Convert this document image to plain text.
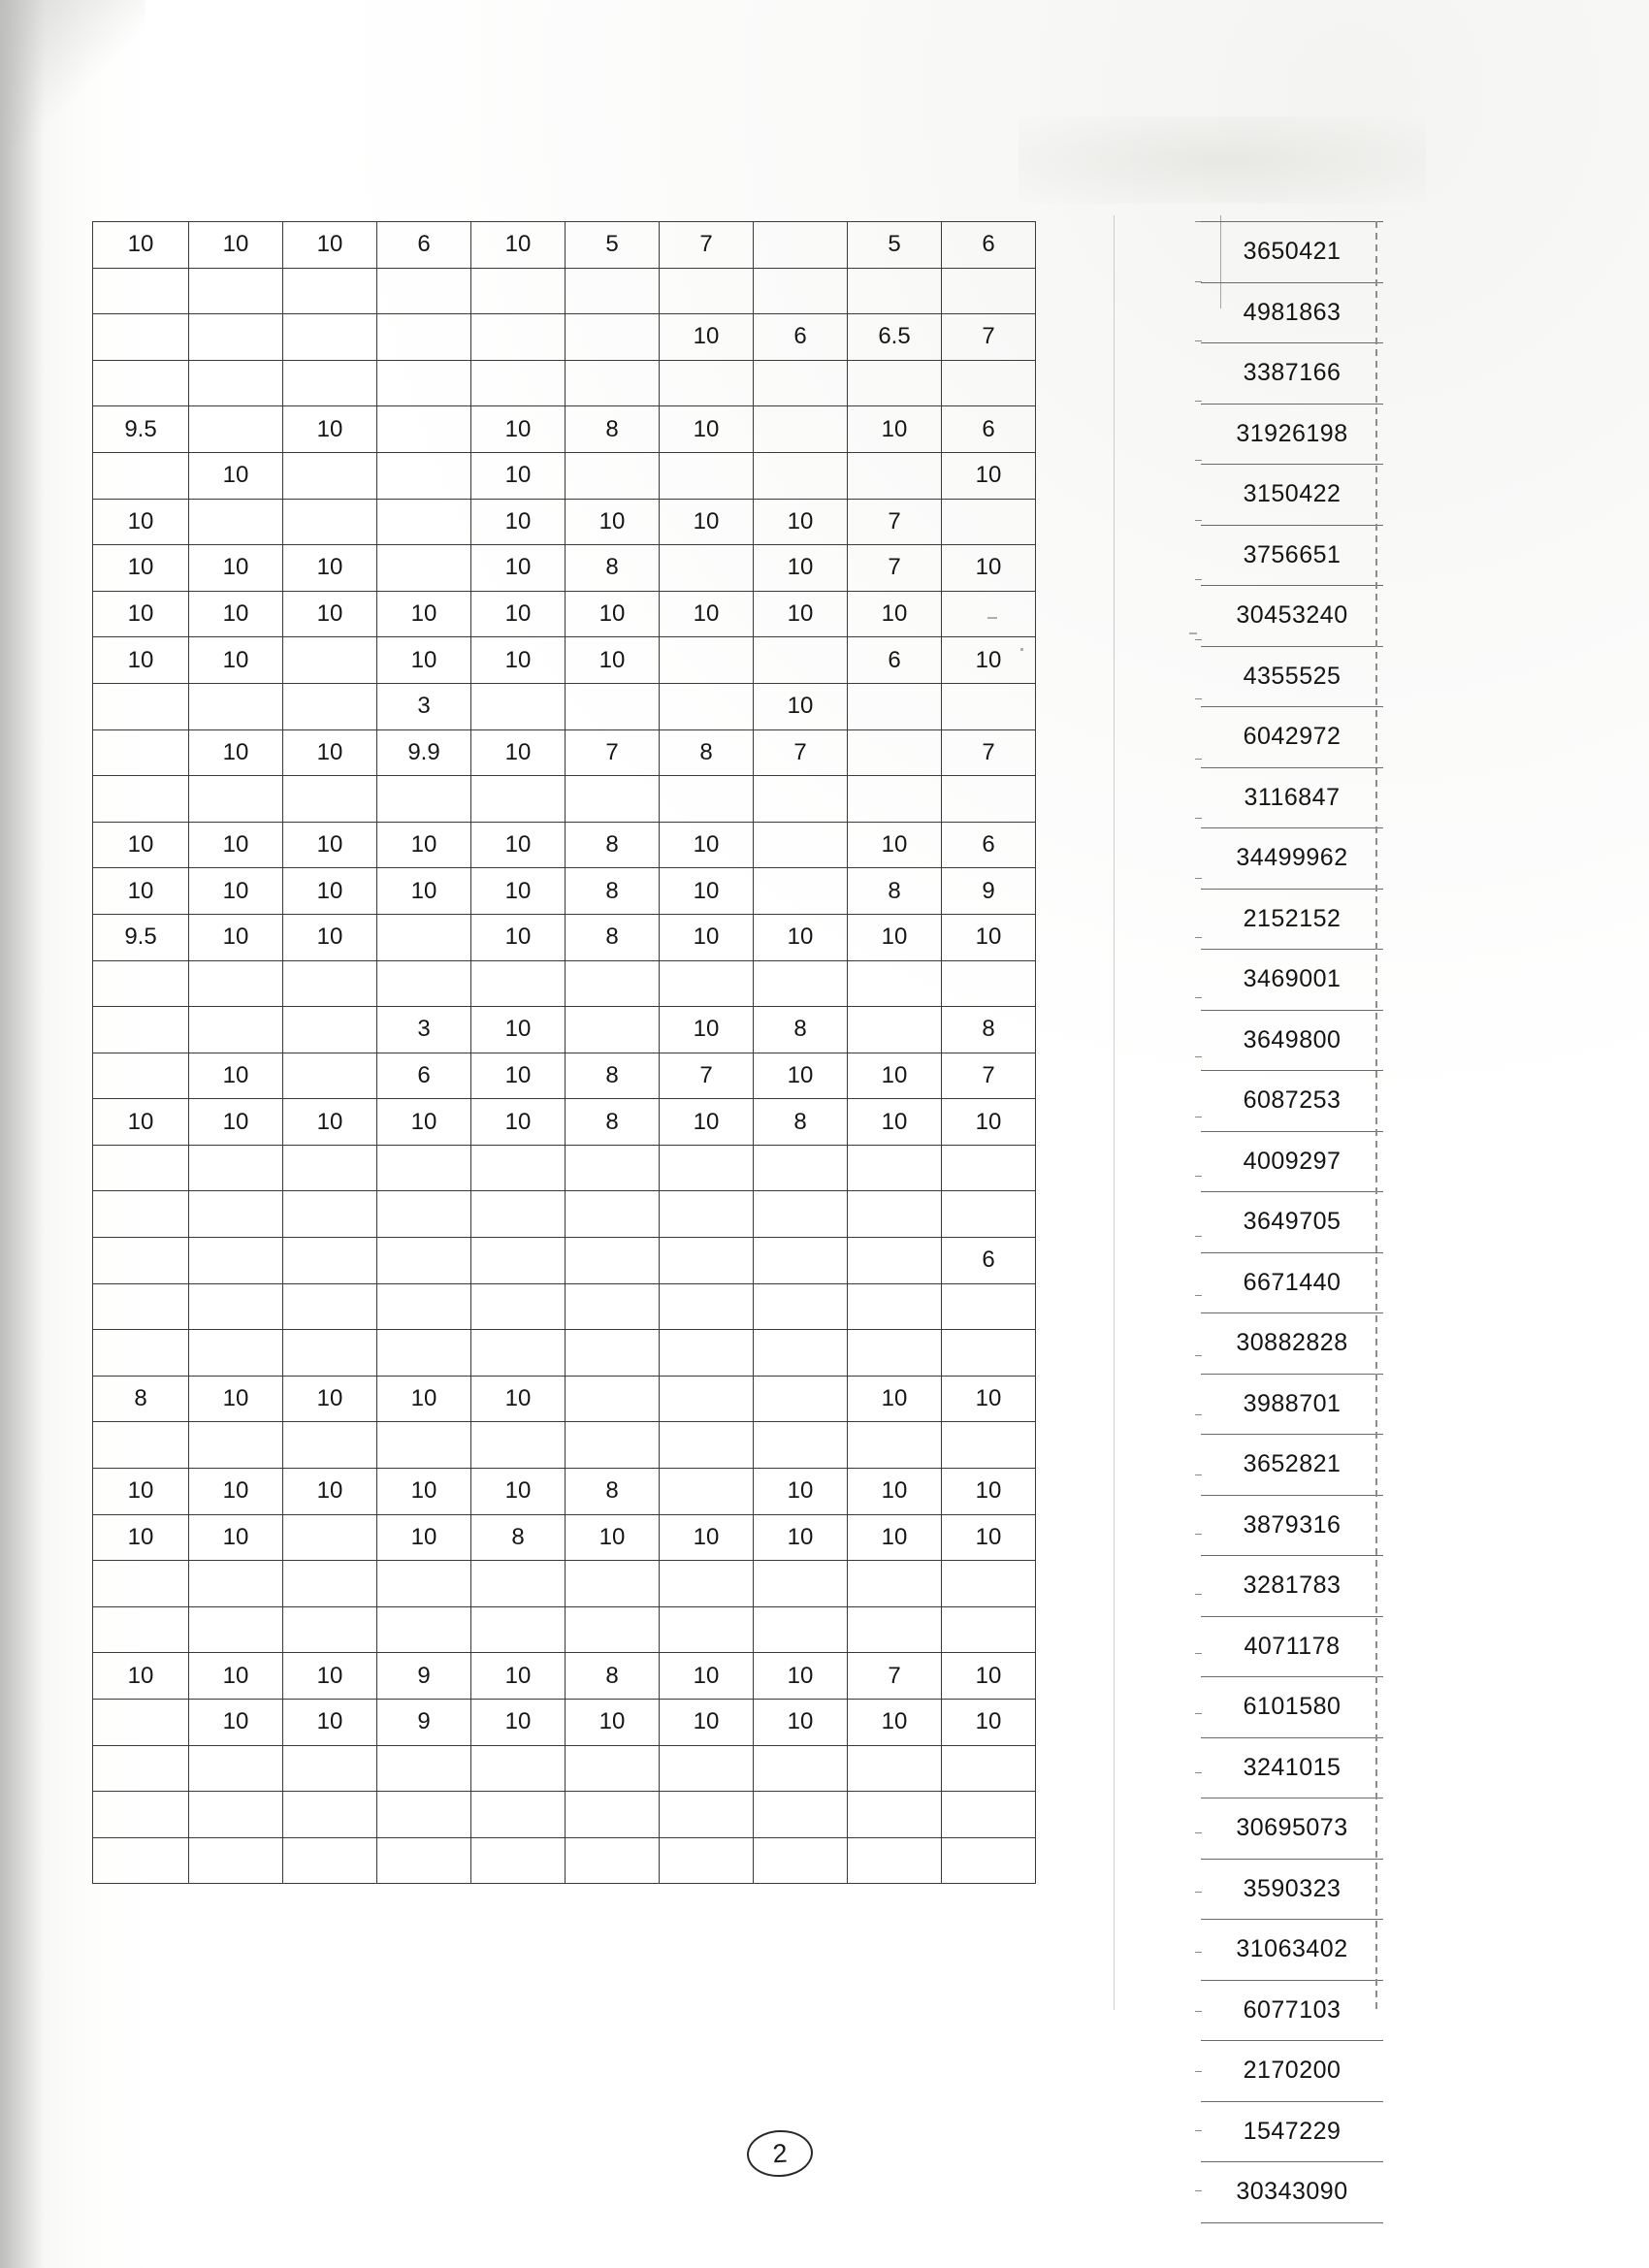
10	10	10	6	10	5	7		5	6

						10	6	6.5	7

9.5		10		10	8	10		10	6
	10			10					10
10				10	10	10	10	7	
10	10	10		10	8		10	7	10
10	10	10	10	10	10	10	10	10	
10	10		10	10	10			6	10
			3				10		
	10	10	9.9	10	7	8	7		7

10	10	10	10	10	8	10		10	6
10	10	10	10	10	8	10		8	9
9.5	10	10		10	8	10	10	10	10

			3	10		10	8		8
	10		6	10	8	7	10	10	7
10	10	10	10	10	8	10	8	10	10

									6

8	10	10	10	10				10	10

10	10	10	10	10	8		10	10	10
10	10		10	8	10	10	10	10	10

10	10	10	9	10	8	10	10	7	10
	10	10	9	10	10	10	10	10	10

3650421
4981863
3387166
31926198
3150422
3756651
30453240
4355525
6042972
3116847
34499962
2152152
3469001
3649800
6087253
4009297
3649705
6671440
30882828
3988701
3652821
3879316
3281783
4071178
6101580
3241015
30695073
3590323
31063402
6077103
2170200
1547229
30343090
2
